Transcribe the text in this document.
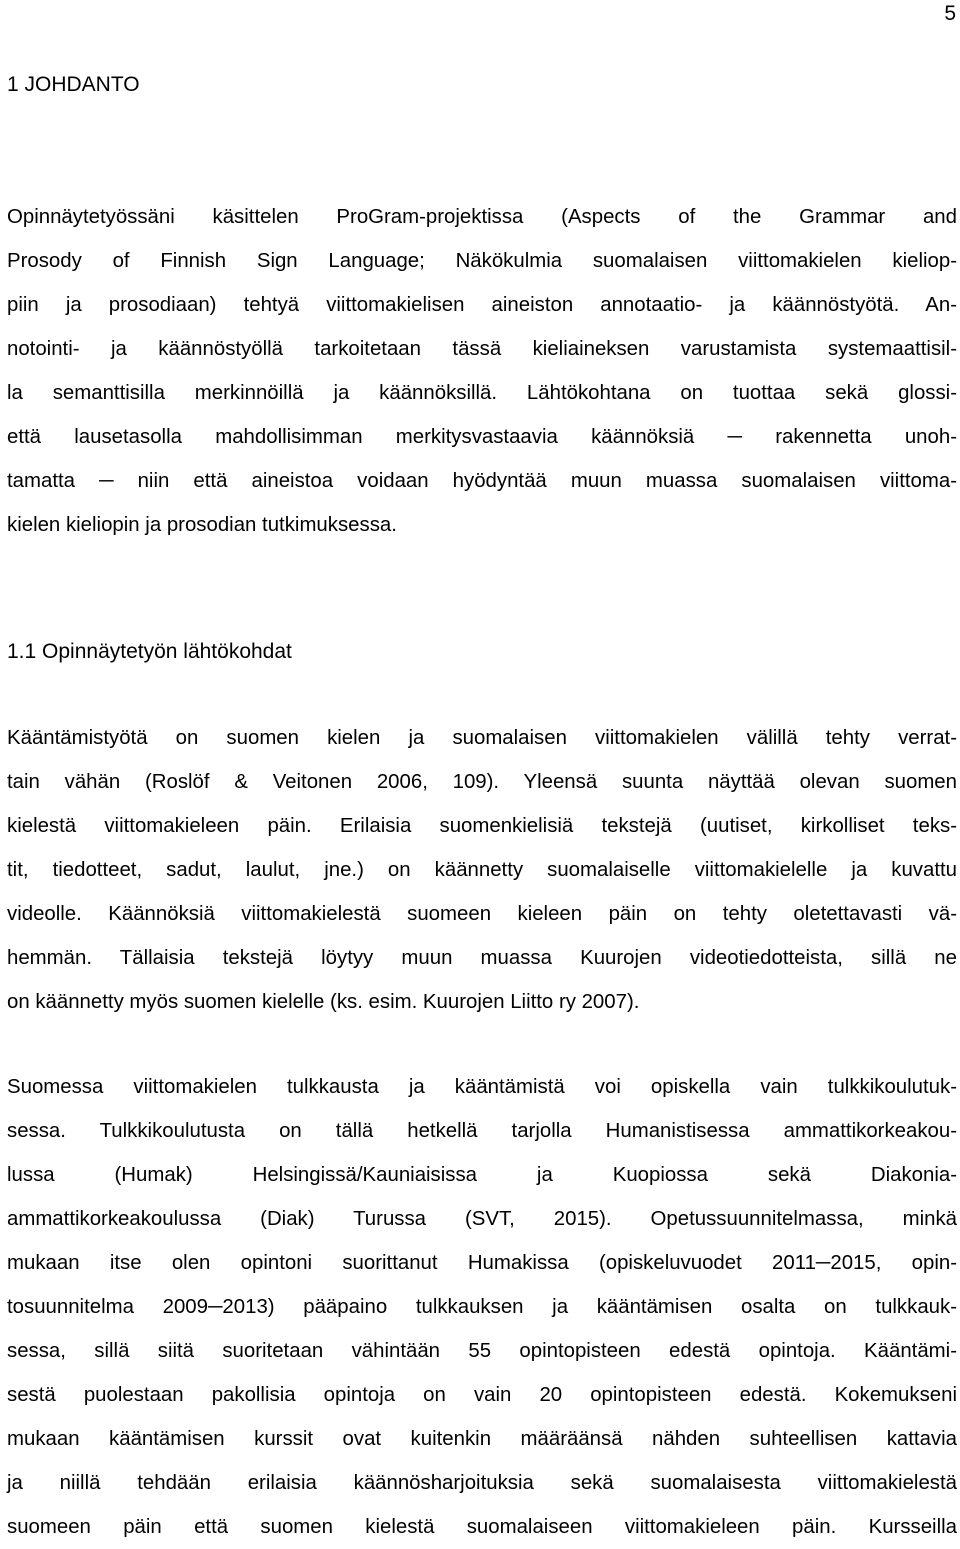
5
1 JOHDANTO
Opinnäytetyössäni käsittelen ProGram-projektissa (Aspects of the Grammar and
Prosody of Finnish Sign Language; Näkökulmia suomalaisen viittomakielen kieliop-
piin ja prosodiaan) tehtyä viittomakielisen aineiston annotaatio- ja käännöstyötä. An-
notointi- ja käännöstyöllä tarkoitetaan tässä kieliaineksen varustamista systemaattisil-
la semanttisilla merkinnöillä ja käännöksillä. Lähtökohtana on tuottaa sekä glossi-
että lausetasolla mahdollisimman merkitysvastaavia käännöksiä ─ rakennetta unoh-
tamatta ─ niin että aineistoa voidaan hyödyntää muun muassa suomalaisen viittoma-
kielen kieliopin ja prosodian tutkimuksessa.
1.1 Opinnäytetyön lähtökohdat
Kääntämistyötä on suomen kielen ja suomalaisen viittomakielen välillä tehty verrat-
tain vähän (Roslöf & Veitonen 2006, 109). Yleensä suunta näyttää olevan suomen
kielestä viittomakieleen päin. Erilaisia suomenkielisiä tekstejä (uutiset, kirkolliset teks-
tit, tiedotteet, sadut, laulut, jne.) on käännetty suomalaiselle viittomakielelle ja kuvattu
videolle. Käännöksiä viittomakielestä suomeen kieleen päin on tehty oletettavasti vä-
hemmän. Tällaisia tekstejä löytyy muun muassa Kuurojen videotiedotteista, sillä ne
on käännetty myös suomen kielelle (ks. esim. Kuurojen Liitto ry 2007).
Suomessa viittomakielen tulkkausta ja kääntämistä voi opiskella vain tulkkikoulutuk-
sessa. Tulkkikoulutusta on tällä hetkellä tarjolla Humanistisessa ammattikorkeakou-
lussa (Humak) Helsingissä/Kauniaisissa ja Kuopiossa sekä Diakonia-
ammattikorkeakoulussa (Diak) Turussa (SVT, 2015). Opetussuunnitelmassa, minkä
mukaan itse olen opintoni suorittanut Humakissa (opiskeluvuodet 2011─2015, opin-
tosuunnitelma 2009─2013) pääpaino tulkkauksen ja kääntämisen osalta on tulkkauk-
sessa, sillä siitä suoritetaan vähintään 55 opintopisteen edestä opintoja. Kääntämi-
sestä puolestaan pakollisia opintoja on vain 20 opintopisteen edestä. Kokemukseni
mukaan kääntämisen kurssit ovat kuitenkin määräänsä nähden suhteellisen kattavia
ja niillä tehdään erilaisia käännösharjoituksia sekä suomalaisesta viittomakielestä
suomeen päin että suomen kielestä suomalaiseen viittomakieleen päin. Kursseilla
